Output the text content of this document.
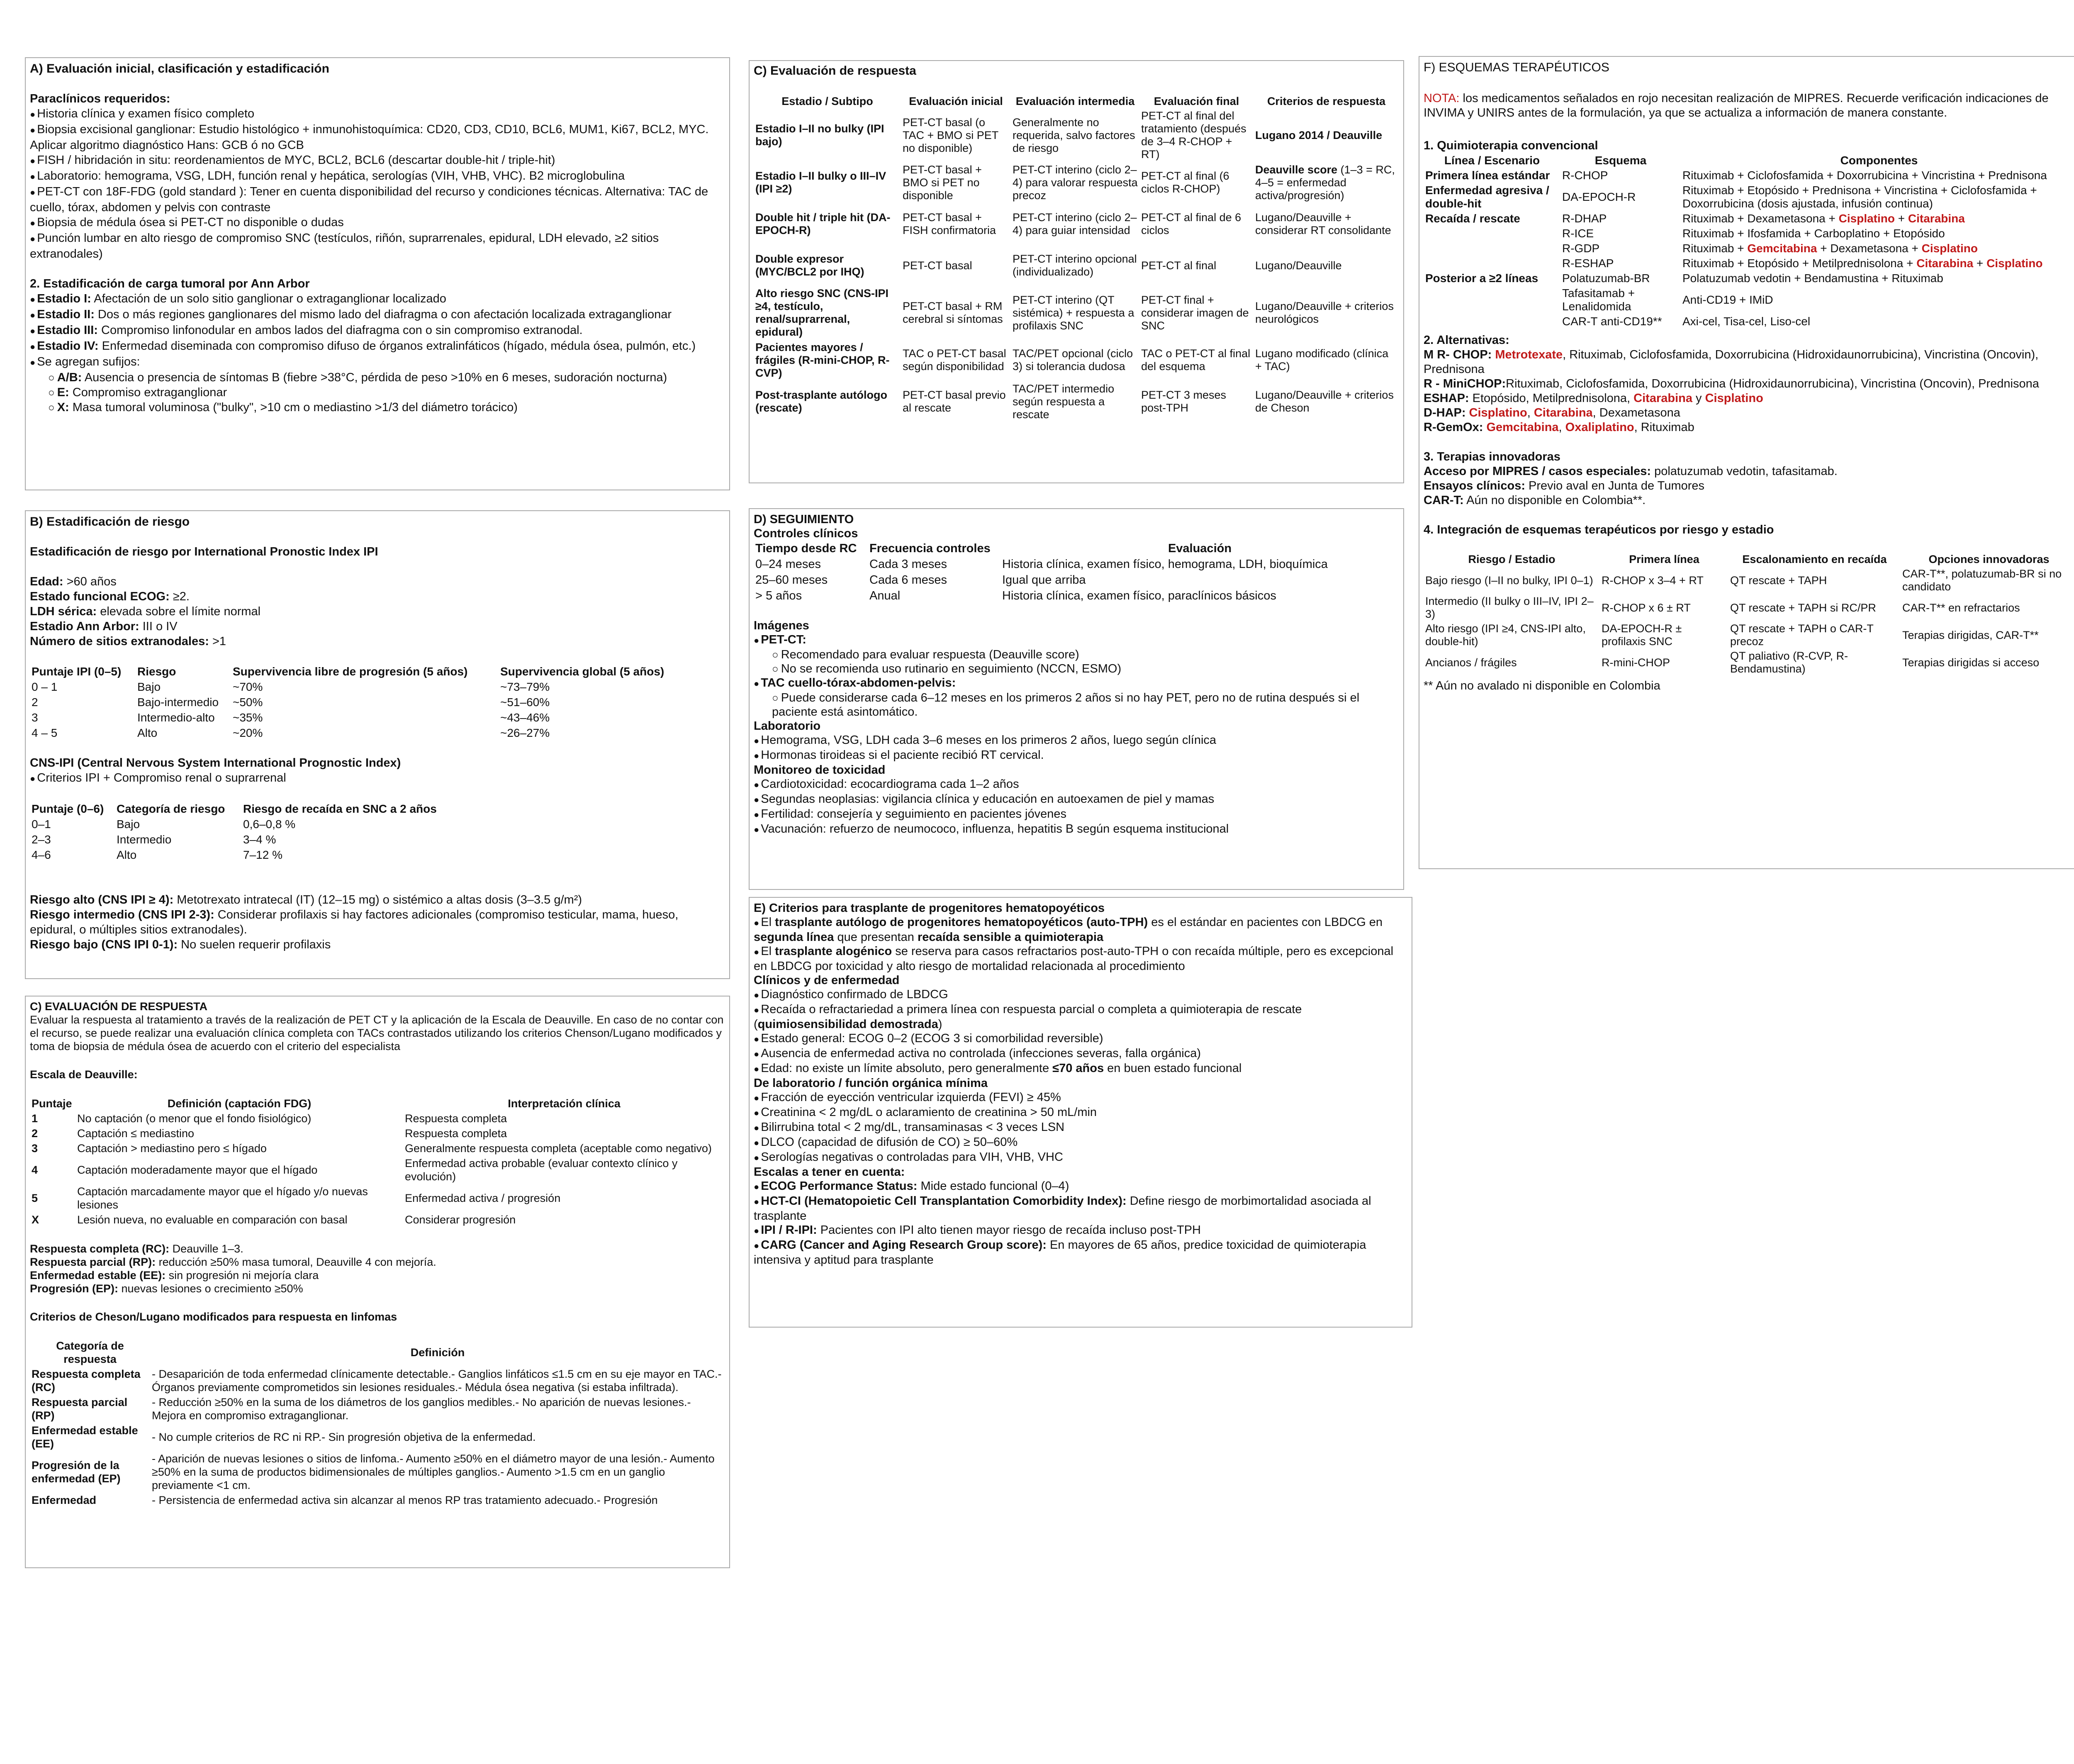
A) Evaluación inicial, clasificación y estadificación
Paraclínicos requeridos:
● Historia clínica y examen físico completo
● Biopsia excisional ganglionar: Estudio histológico + inmunohistoquímica: CD20, CD3, CD10, BCL6, MUM1, Ki67, BCL2, MYC. Aplicar algoritmo diagnóstico Hans: GCB ó no GCB
● FISH / hibridación in situ: reordenamientos de MYC, BCL2, BCL6 (descartar double-hit / triple-hit)
● Laboratorio: hemograma, VSG, LDH, función renal y hepática, serologías (VIH, VHB, VHC). B2 microglobulina
● PET-CT con 18F-FDG (gold standard ): Tener en cuenta disponibilidad del recurso y condiciones técnicas. Alternativa: TAC de cuello, tórax, abdomen y pelvis con contraste
● Biopsia de médula ósea si PET-CT no disponible o dudas
● Punción lumbar en alto riesgo de compromiso SNC (testículos, riñón, suprarrenales, epidural, LDH elevado, ≥2 sitios extranodales)
2. Estadificación de carga tumoral por Ann Arbor
● Estadio I: Afectación de un solo sitio ganglionar o extraganglionar localizado
● Estadio II: Dos o más regiones ganglionares del mismo lado del diafragma o con afectación localizada extraganglionar
● Estadio III: Compromiso linfonodular en ambos lados del diafragma con o sin compromiso extranodal.
● Estadio IV: Enfermedad diseminada con compromiso difuso de órganos extralinfáticos (hígado, médula ósea, pulmón, etc.)
● Se agregan sufijos:
○ A/B: Ausencia o presencia de síntomas B (fiebre >38°C, pérdida de peso >10% en 6 meses, sudoración nocturna)
○ E: Compromiso extraganglionar
○ X: Masa tumoral voluminosa ("bulky", >10 cm o mediastino >1/3 del diámetro torácico)
B) Estadificación de riesgo
Estadificación de riesgo por International Pronostic Index IPI
Edad: >60 años
Estado funcional ECOG: ≥2.
LDH sérica: elevada sobre el límite normal
Estadio Ann Arbor: III o IV
Número de sitios extranodales: >1
Puntaje IPI (0–5)	Riesgo	Supervivencia libre de progresión (5 años)	Supervivencia global (5 años)
0 – 1	Bajo	~70%	~73–79%
2	Bajo-intermedio	~50%	~51–60%
3	Intermedio-alto	~35%	~43–46%
4 – 5	Alto	~20%	~26–27%
CNS-IPI (Central Nervous System International Prognostic Index)
● Criterios IPI + Compromiso renal o suprarrenal
Puntaje (0–6)	Categoría de riesgo	Riesgo de recaída en SNC a 2 años
0–1	Bajo	0,6–0,8 %
2–3	Intermedio	3–4 %
4–6	Alto	7–12 %
Riesgo alto (CNS IPI ≥ 4): Metotrexato intratecal (IT) (12–15 mg) o sistémico a altas dosis (3–3.5 g/m²)
Riesgo intermedio (CNS IPI 2-3): Considerar profilaxis si hay factores adicionales (compromiso testicular, mama, hueso, epidural, o múltiples sitios extranodales).
Riesgo bajo (CNS IPI 0-1): No suelen requerir profilaxis
C) EVALUACIÓN DE RESPUESTA
Evaluar la respuesta al tratamiento a través de la realización de PET CT y la aplicación de la Escala de Deauville. En caso de no contar con el recurso, se puede realizar una evaluación clínica completa con TACs contrastados utilizando los criterios Chenson/Lugano modificados y toma de biopsia de médula ósea de acuerdo con el criterio del especialista
Escala de Deauville:
Puntaje	Definición (captación FDG)	Interpretación clínica
1	No captación (o menor que el fondo fisiológico)	Respuesta completa
2	Captación ≤ mediastino	Respuesta completa
3	Captación > mediastino pero ≤ hígado	Generalmente respuesta completa (aceptable como negativo)
4	Captación moderadamente mayor que el hígado	Enfermedad activa probable (evaluar contexto clínico y evolución)
5	Captación marcadamente mayor que el hígado y/o nuevas lesiones	Enfermedad activa / progresión
X	Lesión nueva, no evaluable en comparación con basal	Considerar progresión
Respuesta completa (RC): Deauville 1–3.
Respuesta parcial (RP): reducción ≥50% masa tumoral, Deauville 4 con mejoría.
Enfermedad estable (EE): sin progresión ni mejoría clara
Progresión (EP): nuevas lesiones o crecimiento ≥50%
Criterios de Cheson/Lugano modificados para respuesta en linfomas
Categoría de respuesta	Definición
Respuesta completa (RC)	- Desaparición de toda enfermedad clínicamente detectable.- Ganglios linfáticos ≤1.5 cm en su eje mayor en TAC.- Órganos previamente comprometidos sin lesiones residuales.- Médula ósea negativa (si estaba infiltrada).
Respuesta parcial (RP)	- Reducción ≥50% en la suma de los diámetros de los ganglios medibles.- No aparición de nuevas lesiones.- Mejora en compromiso extraganglionar.
Enfermedad estable (EE)	- No cumple criterios de RC ni RP.- Sin progresión objetiva de la enfermedad.
Progresión de la enfermedad (EP)	- Aparición de nuevas lesiones o sitios de linfoma.- Aumento ≥50% en el diámetro mayor de una lesión.- Aumento ≥50% en la suma de productos bidimensionales de múltiples ganglios.- Aumento >1.5 cm en un ganglio previamente <1 cm.
Enfermedad	- Persistencia de enfermedad activa sin alcanzar al menos RP tras tratamiento adecuado.- Progresión
C) Evaluación de respuesta
Estadio / Subtipo	Evaluación inicial	Evaluación intermedia	Evaluación final	Criterios de respuesta
Estadio I–II no bulky (IPI bajo)	PET-CT basal (o TAC + BMO si PET no disponible)	Generalmente no requerida, salvo factores de riesgo	PET-CT al final del tratamiento (después de 3–4 R-CHOP + RT)	Lugano 2014 / Deauville
Estadio I–II bulky o III–IV (IPI ≥2)	PET-CT basal + BMO si PET no disponible	PET-CT interino (ciclo 2–4) para valorar respuesta precoz	PET-CT al final (6 ciclos R-CHOP)	Deauville score (1–3 = RC, 4–5 = enfermedad activa/progresión)
Double hit / triple hit (DA-EPOCH-R)	PET-CT basal + FISH confirmatoria	PET-CT interino (ciclo 2–4) para guiar intensidad	PET-CT al final de 6 ciclos	Lugano/Deauville + considerar RT consolidante
Double expresor (MYC/BCL2 por IHQ)	PET-CT basal	PET-CT interino opcional (individualizado)	PET-CT al final	Lugano/Deauville
Alto riesgo SNC (CNS-IPI ≥4, testículo, renal/suprarrenal, epidural)	PET-CT basal + RM cerebral si síntomas	PET-CT interino (QT sistémica) + respuesta a profilaxis SNC	PET-CT final + considerar imagen de SNC	Lugano/Deauville + criterios neurológicos
Pacientes mayores / frágiles (R-mini-CHOP, R-CVP)	TAC o PET-CT basal según disponibilidad	TAC/PET opcional (ciclo 3) si tolerancia dudosa	TAC o PET-CT al final del esquema	Lugano modificado (clínica + TAC)
Post-trasplante autólogo (rescate)	PET-CT basal previo al rescate	TAC/PET intermedio según respuesta a rescate	PET-CT 3 meses post-TPH	Lugano/Deauville + criterios de Cheson
D) SEGUIMIENTO
Controles clínicos
Tiempo desde RC	Frecuencia controles	Evaluación
0–24 meses	Cada 3 meses	Historia clínica, examen físico, hemograma, LDH, bioquímica
25–60 meses	Cada 6 meses	Igual que arriba
> 5 años	Anual	Historia clínica, examen físico, paraclínicos básicos
Imágenes
● PET-CT:
○ Recomendado para evaluar respuesta (Deauville score)
○ No se recomienda uso rutinario en seguimiento (NCCN, ESMO)
● TAC cuello-tórax-abdomen-pelvis:
○ Puede considerarse cada 6–12 meses en los primeros 2 años si no hay PET, pero no de rutina después si el paciente está asintomático.
Laboratorio
● Hemograma, VSG, LDH cada 3–6 meses en los primeros 2 años, luego según clínica
● Hormonas tiroideas si el paciente recibió RT cervical.
Monitoreo de toxicidad
● Cardiotoxicidad: ecocardiograma cada 1–2 años
● Segundas neoplasias: vigilancia clínica y educación en autoexamen de piel y mamas
● Fertilidad: consejería y seguimiento en pacientes jóvenes
● Vacunación: refuerzo de neumococo, influenza, hepatitis B según esquema institucional
E) Criterios para trasplante de progenitores hematopoyéticos
● El trasplante autólogo de progenitores hematopoyéticos (auto-TPH) es el estándar en pacientes con LBDCG en segunda línea que presentan recaída sensible a quimioterapia
● El trasplante alogénico se reserva para casos refractarios post-auto-TPH o con recaída múltiple, pero es excepcional en LBDCG por toxicidad y alto riesgo de mortalidad relacionada al procedimiento
Clínicos y de enfermedad
● Diagnóstico confirmado de LBDCG
● Recaída o refractariedad a primera línea con respuesta parcial o completa a quimioterapia de rescate (quimiosensibilidad demostrada)
● Estado general: ECOG 0–2 (ECOG 3 si comorbilidad reversible)
● Ausencia de enfermedad activa no controlada (infecciones severas, falla orgánica)
● Edad: no existe un límite absoluto, pero generalmente ≤70 años en buen estado funcional
De laboratorio / función orgánica mínima
● Fracción de eyección ventricular izquierda (FEVI) ≥ 45%
● Creatinina < 2 mg/dL o aclaramiento de creatinina > 50 mL/min
● Bilirrubina total < 2 mg/dL, transaminasas < 3 veces LSN
● DLCO (capacidad de difusión de CO) ≥ 50–60%
● Serologías negativas o controladas para VIH, VHB, VHC
Escalas a tener en cuenta:
● ECOG Performance Status: Mide estado funcional (0–4)
● HCT-CI (Hematopoietic Cell Transplantation Comorbidity Index): Define riesgo de morbimortalidad asociada al trasplante
● IPI / R-IPI: Pacientes con IPI alto tienen mayor riesgo de recaída incluso post-TPH
● CARG (Cancer and Aging Research Group score): En mayores de 65 años, predice toxicidad de quimioterapia intensiva y aptitud para trasplante
F) ESQUEMAS TERAPÉUTICOS
NOTA: los medicamentos señalados en rojo necesitan realización de MIPRES. Recuerde verificación indicaciones de INVIMA y UNIRS antes de la formulación, ya que se actualiza a información de manera constante.
1. Quimioterapia convencional
Línea / Escenario	Esquema	Componentes
Primera línea estándar	R-CHOP	Rituximab + Ciclofosfamida + Doxorrubicina + Vincristina + Prednisona
Enfermedad agresiva / double-hit	DA-EPOCH-R	Rituximab + Etopósido + Prednisona + Vincristina + Ciclofosfamida + Doxorrubicina (dosis ajustada, infusión continua)
Recaída / rescate	R-DHAP	Rituximab + Dexametasona + Cisplatino + Citarabina
	R-ICE	Rituximab + Ifosfamida + Carboplatino + Etopósido
	R-GDP	Rituximab + Gemcitabina + Dexametasona + Cisplatino
	R-ESHAP	Rituximab + Etopósido + Metilprednisolona + Citarabina + Cisplatino
Posterior a ≥2 líneas	Polatuzumab-BR	Polatuzumab vedotin + Bendamustina + Rituximab
	Tafasitamab + Lenalidomida	Anti-CD19 + IMiD
	CAR-T anti-CD19**	Axi-cel, Tisa-cel, Liso-cel
2. Alternativas:
M R- CHOP: Metrotexate, Rituximab, Ciclofosfamida, Doxorrubicina (Hidroxidaunorrubicina), Vincristina (Oncovin), Prednisona
R - MiniCHOP:Rituximab, Ciclofosfamida, Doxorrubicina (Hidroxidaunorrubicina), Vincristina (Oncovin), Prednisona
ESHAP: Etopósido, Metilprednisolona, Citarabina y Cisplatino
D-HAP: Cisplatino, Citarabina, Dexametasona
R-GemOx: Gemcitabina, Oxaliplatino, Rituximab
3. Terapias innovadoras
Acceso por MIPRES / casos especiales: polatuzumab vedotin, tafasitamab.
Ensayos clínicos: Previo aval en Junta de Tumores
CAR-T: Aún no disponible en Colombia**.
4. Integración de esquemas terapéuticos por riesgo y estadio
Riesgo / Estadio	Primera línea	Escalonamiento en recaída	Opciones innovadoras
Bajo riesgo (I–II no bulky, IPI 0–1)	R-CHOP x 3–4 + RT	QT rescate + TAPH	CAR-T**, polatuzumab-BR si no candidato
Intermedio (II bulky o III–IV, IPI 2–3)	R-CHOP x 6 ± RT	QT rescate + TAPH si RC/PR	CAR-T** en refractarios
Alto riesgo (IPI ≥4, CNS-IPI alto, double-hit)	DA-EPOCH-R ± profilaxis SNC	QT rescate + TAPH o CAR-T precoz	Terapias dirigidas, CAR-T**
Ancianos / frágiles	R-mini-CHOP	QT paliativo (R-CVP, R-Bendamustina)	Terapias dirigidas si acceso
** Aún no avalado ni disponible en Colombia
